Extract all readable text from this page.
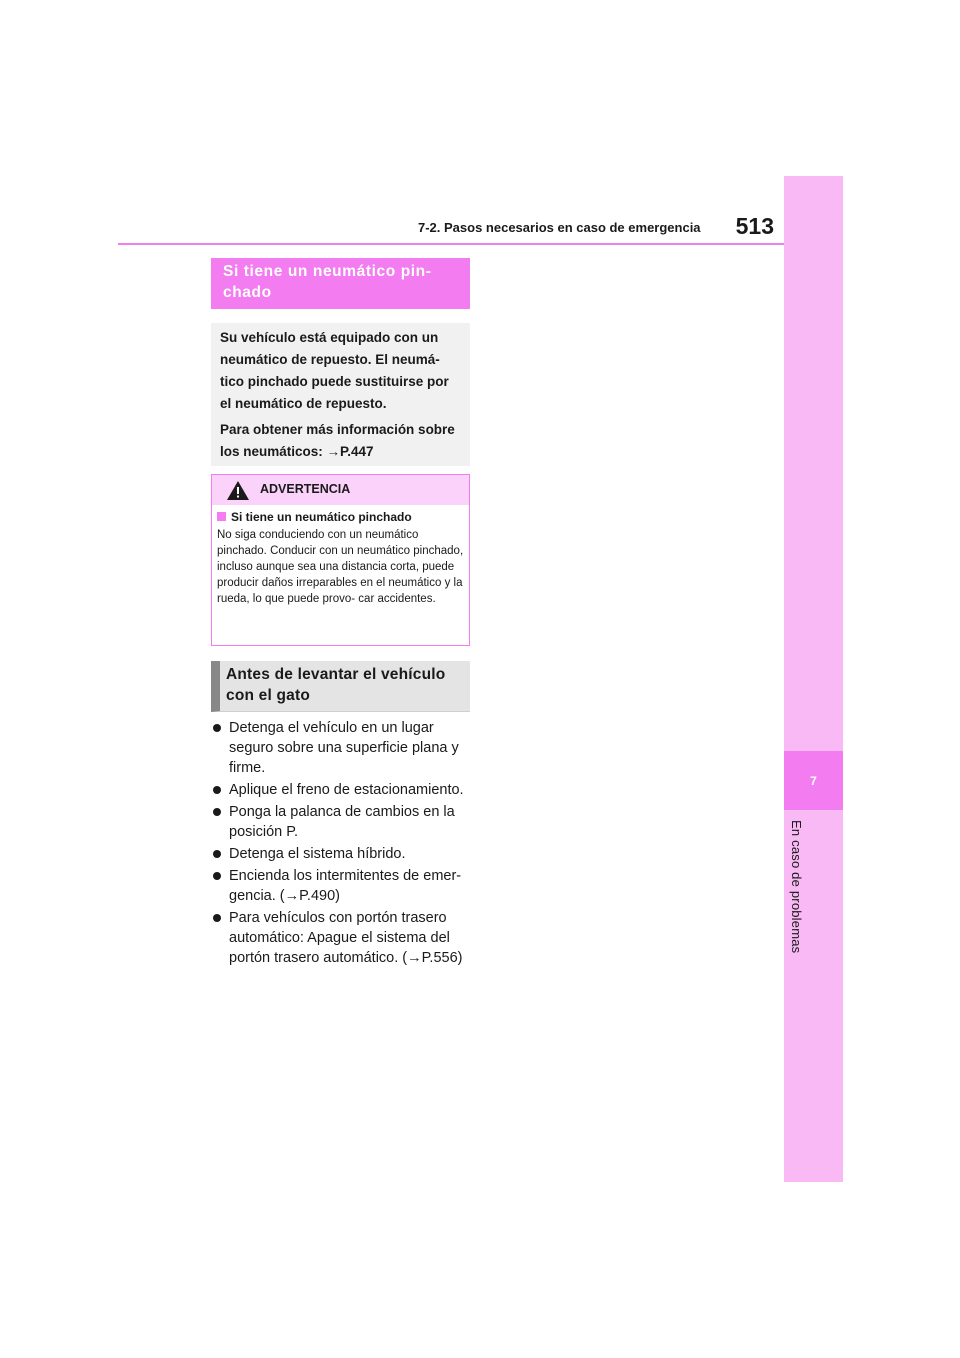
7
En caso de problemas
7-2. Pasos necesarios en caso de emergencia 513
Si tiene un neumático pin-
chado

Su vehículo está equipado con un neumático de repuesto. El neumá- tico pinchado puede sustituirse por el neumático de repuesto.

Para obtener más información sobre los neumáticos: →P.447

ADVERTENCIA
Si tiene un neumático pinchado
No siga conduciendo con un neumático pinchado. Conducir con un neumático pinchado, incluso aunque sea una distancia corta, puede producir daños irreparables en el neumático y la rueda, lo que puede provo- car accidentes.
Antes de levantar el vehículo
con el gato
Detenga el vehículo en un lugar seguro sobre una superficie plana y firme.
Aplique el freno de estacionamiento.
Ponga la palanca de cambios en la posición P.
Detenga el sistema híbrido.
Encienda los intermitentes de emer- gencia. (→P.490)
Para vehículos con portón trasero automático: Apague el sistema del portón trasero automático. (→P.556)
